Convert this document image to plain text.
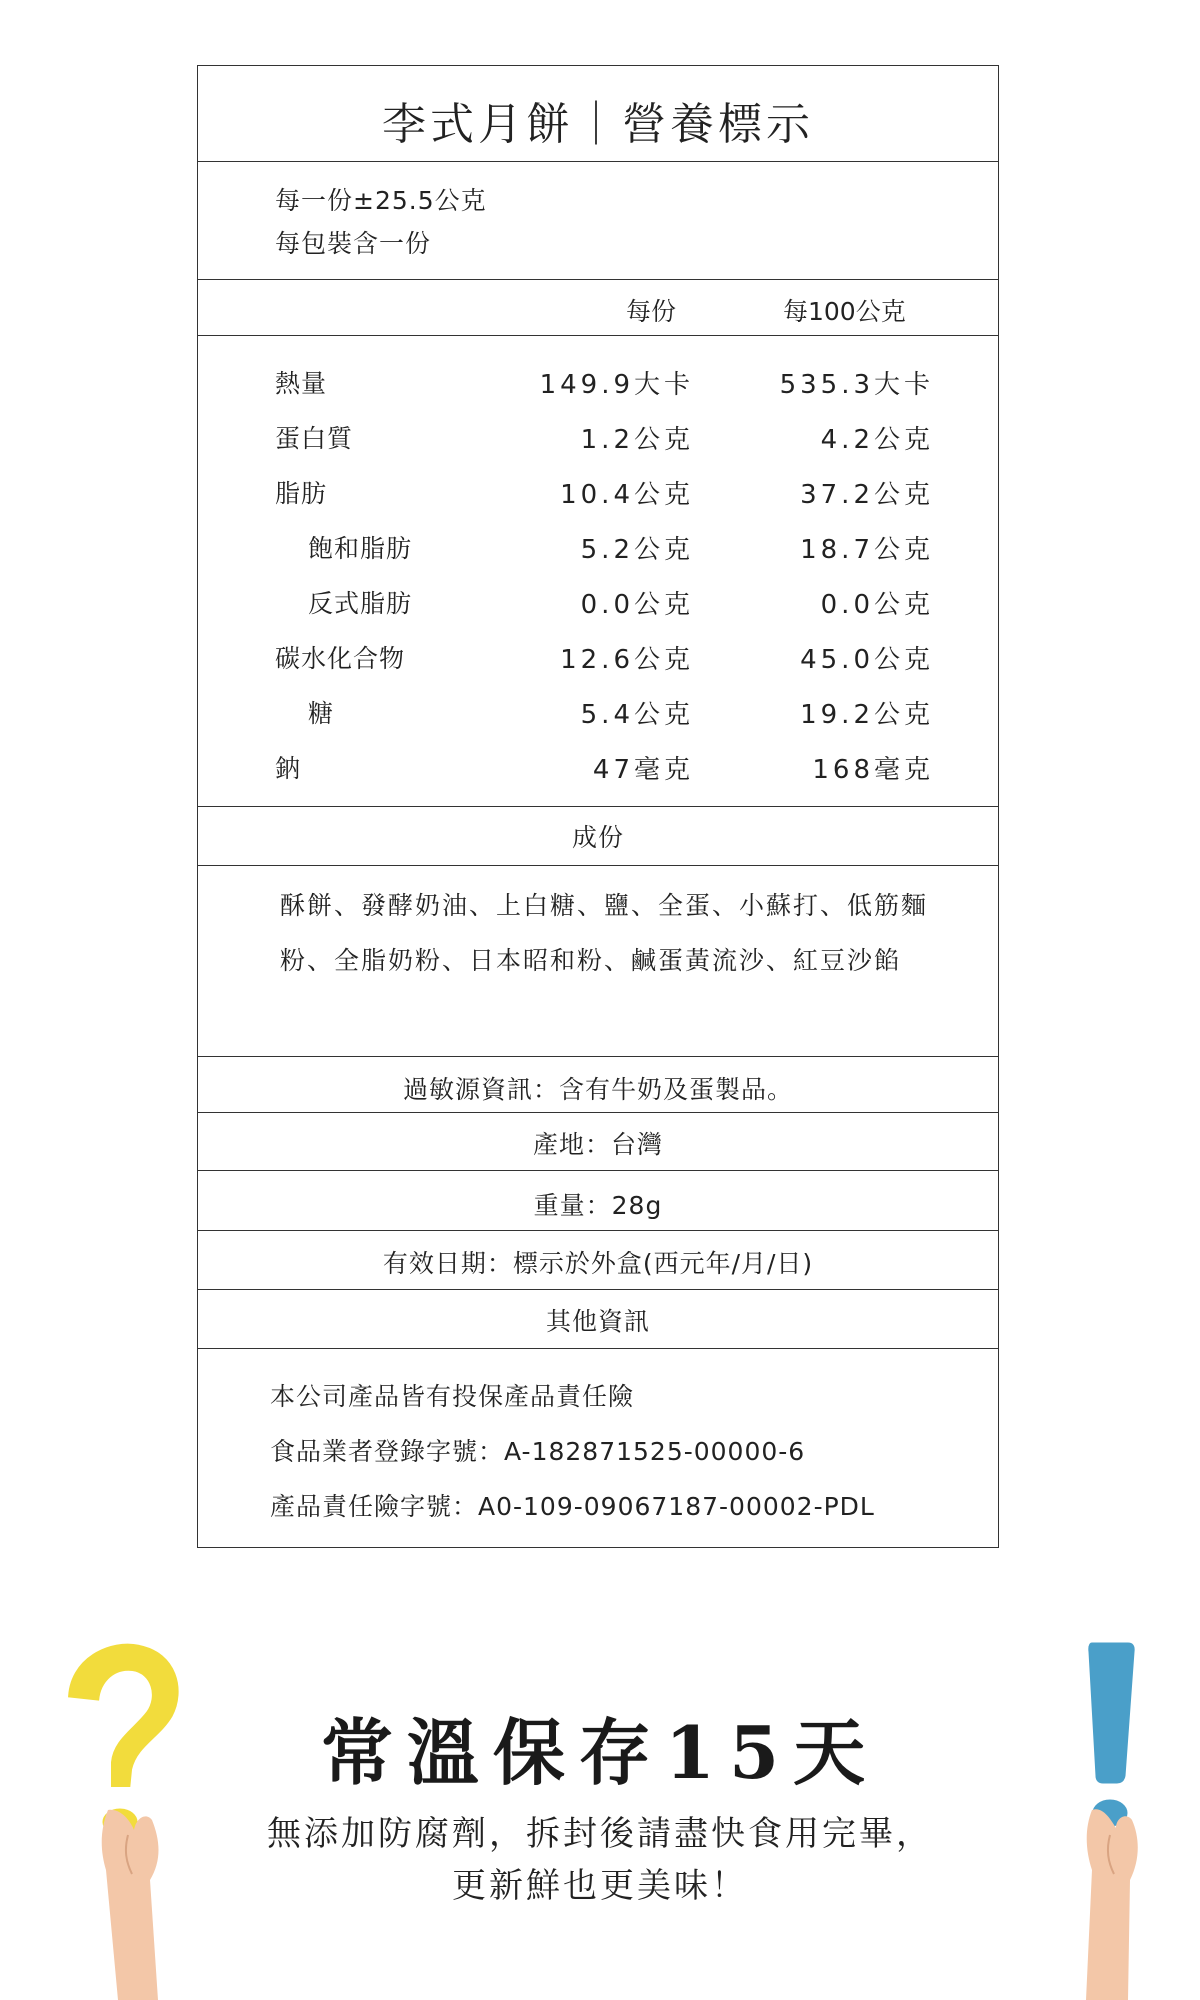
李式月餅｜營養標示
每一份±25.5公克
每包裝含一份
每份	每100公克
熱量	149.9大卡	535.3大卡
蛋白質	1.2公克	4.2公克
脂肪	10.4公克	37.2公克
飽和脂肪	5.2公克	18.7公克
反式脂肪	0.0公克	0.0公克
碳水化合物	12.6公克	45.0公克
糖	5.4公克	19.2公克
鈉	47毫克	168毫克
成份
酥餅、發酵奶油、上白糖、鹽、全蛋、小蘇打、低筋麵粉、全脂奶粉、日本昭和粉、鹹蛋黃流沙、紅豆沙餡
過敏源資訊：含有牛奶及蛋製品。
產地：台灣
重量：28g
有效日期：標示於外盒(西元年/月/日)
其他資訊
本公司產品皆有投保產品責任險
食品業者登錄字號：A-182871525-00000-6
產品責任險字號：A0-109-09067187-00002-PDL
常溫保存15天
無添加防腐劑，拆封後請盡快食用完畢，
更新鮮也更美味！
